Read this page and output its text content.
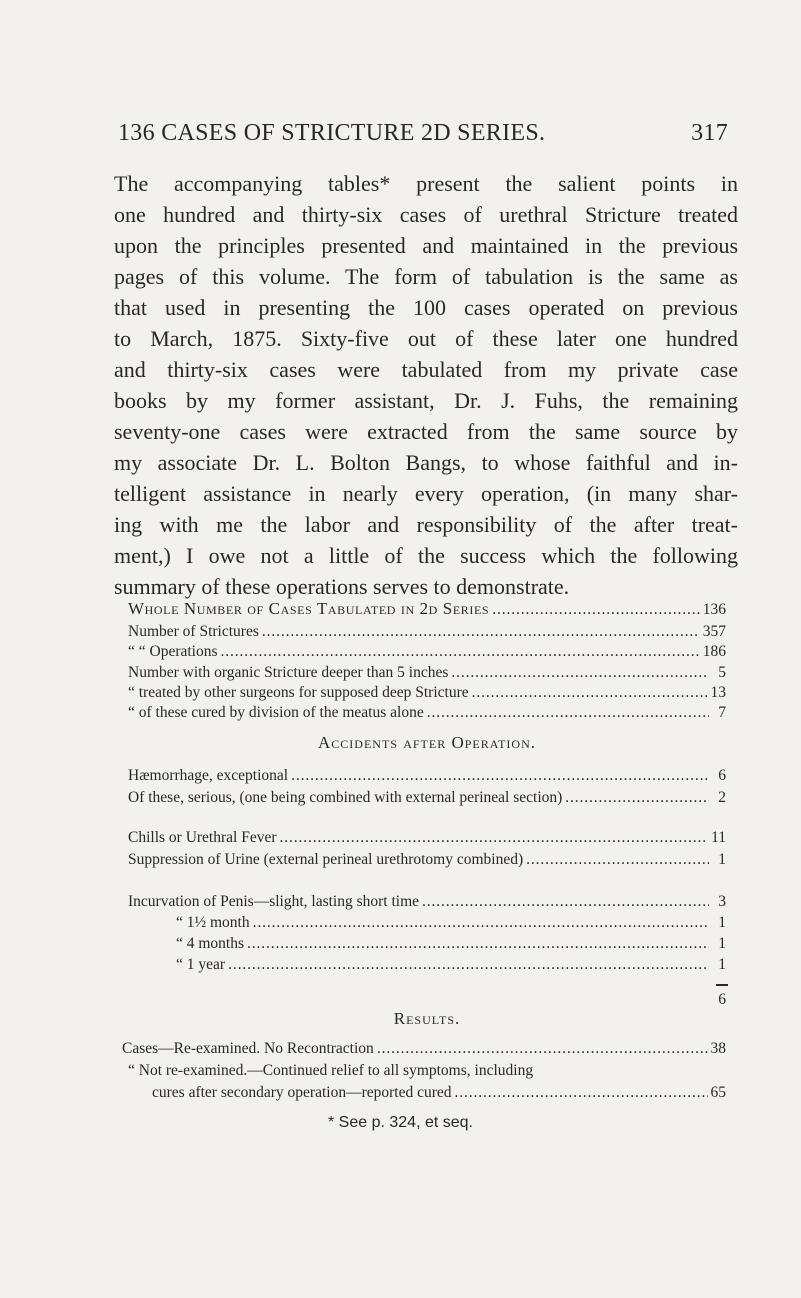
136 CASES OF STRICTURE 2D SERIES.	317
The accompanying tables* present the salient points in
one hundred and thirty-six cases of urethral Stricture treated
upon the principles presented and maintained in the previous
pages of this volume. The form of tabulation is the same as
that used in presenting the 100 cases operated on previous
to March, 1875. Sixty-five out of these later one hundred
and thirty-six cases were tabulated from my private case
books by my former assistant, Dr. J. Fuhs, the remaining
seventy-one cases were extracted from the same source by
my associate Dr. L. Bolton Bangs, to whose faithful and in-
telligent assistance in nearly every operation, (in many shar-
ing with me the labor and responsibility of the after treat-
ment,) I owe not a little of the success which the following
summary of these operations serves to demonstrate.
Whole Number of Cases Tabulated in 2d Series . . .	136
Number of Strictures . . .	357
“ “ Operations . . .	186
Number with organic Stricture deeper than 5 inches . . .	5
“ treated by other surgeons for supposed deep Stricture . . .	13
“ of these cured by division of the meatus alone . . .	7
Accidents after Operation.
Hæmorrhage, exceptional . . .	6
Of these, serious, (one being combined with external perineal section) . . .	2
Chills or Urethral Fever . . .	11
Suppression of Urine (external perineal urethrotomy combined) . . .	1
Incurvation of Penis—slight, lasting short time . . .	3
“ 1½ month . . .	1
“ 4 months . . .	1
“ 1 year . . .	1
6
Results.
Cases—Re-examined. No Recontraction . . .	38
“ Not re-examined.—Continued relief to all symptoms, including
cures after secondary operation—reported cured . . .	65
* See p. 324, et seq.
